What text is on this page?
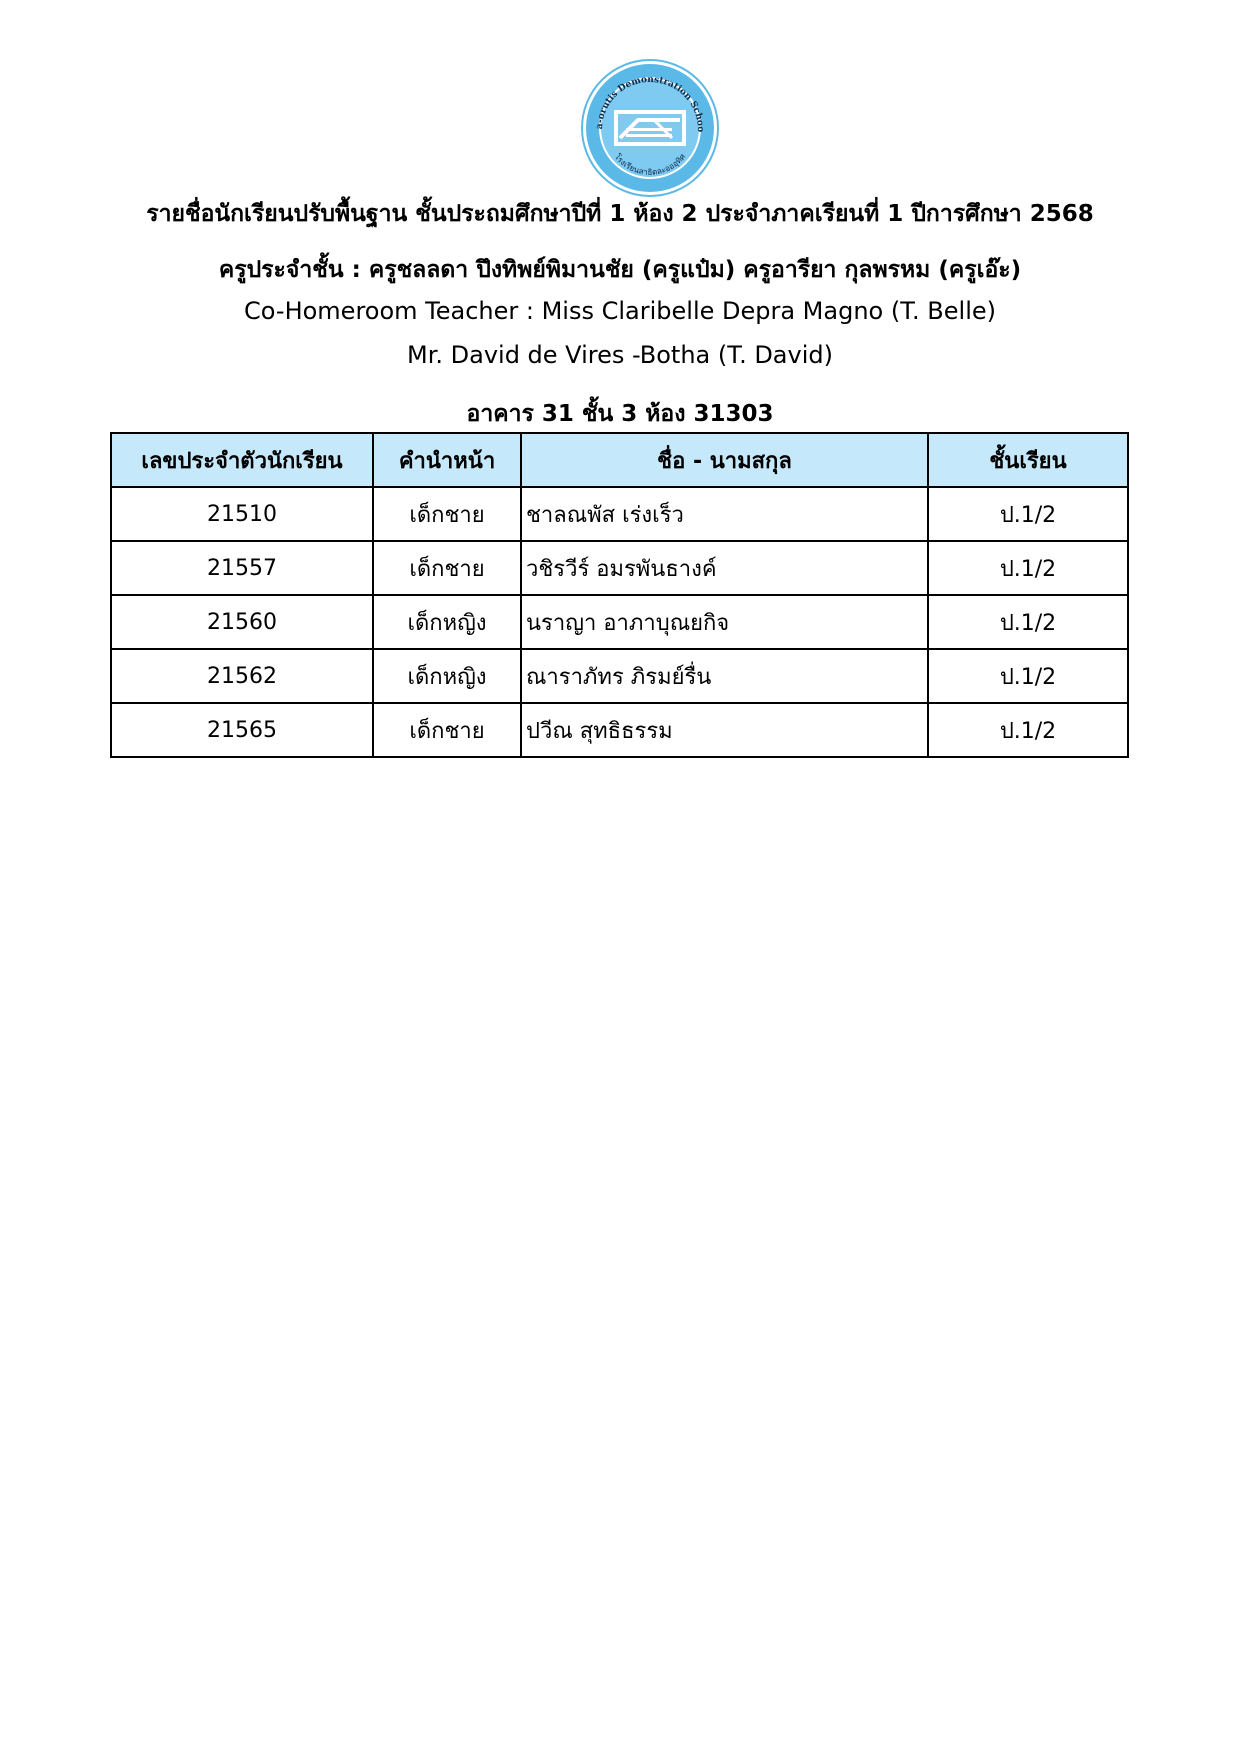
a-orutis Demonstration Schoo
โรงเรียนสาธิตละอออุทิศ
รายชื่อนักเรียนปรับพื้นฐาน ชั้นประถมศึกษาปีที่ 1 ห้อง 2 ประจำภาคเรียนที่ 1 ปีการศึกษา 2568
ครูประจำชั้น : ครูชลลดา ปึงทิพย์พิมานชัย (ครูแป๋ม) ครูอารียา กุลพรหม (ครูเอ๊ะ)
Co-Homeroom Teacher : Miss Claribelle Depra Magno (T. Belle)
Mr. David de Vires -Botha (T. David)
อาคาร 31 ชั้น 3 ห้อง 31303
เลขประจำตัวนักเรียน	คำนำหน้า	ชื่อ - นามสกุล	ชั้นเรียน
21510	เด็กชาย	ชาลณพัส เร่งเร็ว	ป.1/2
21557	เด็กชาย	วชิรวีร์ อมรพันธางค์	ป.1/2
21560	เด็กหญิง	นราญา อาภาบุณยกิจ	ป.1/2
21562	เด็กหญิง	ณาราภัทร ภิรมย์รื่น	ป.1/2
21565	เด็กชาย	ปวีณ สุทธิธรรม	ป.1/2
